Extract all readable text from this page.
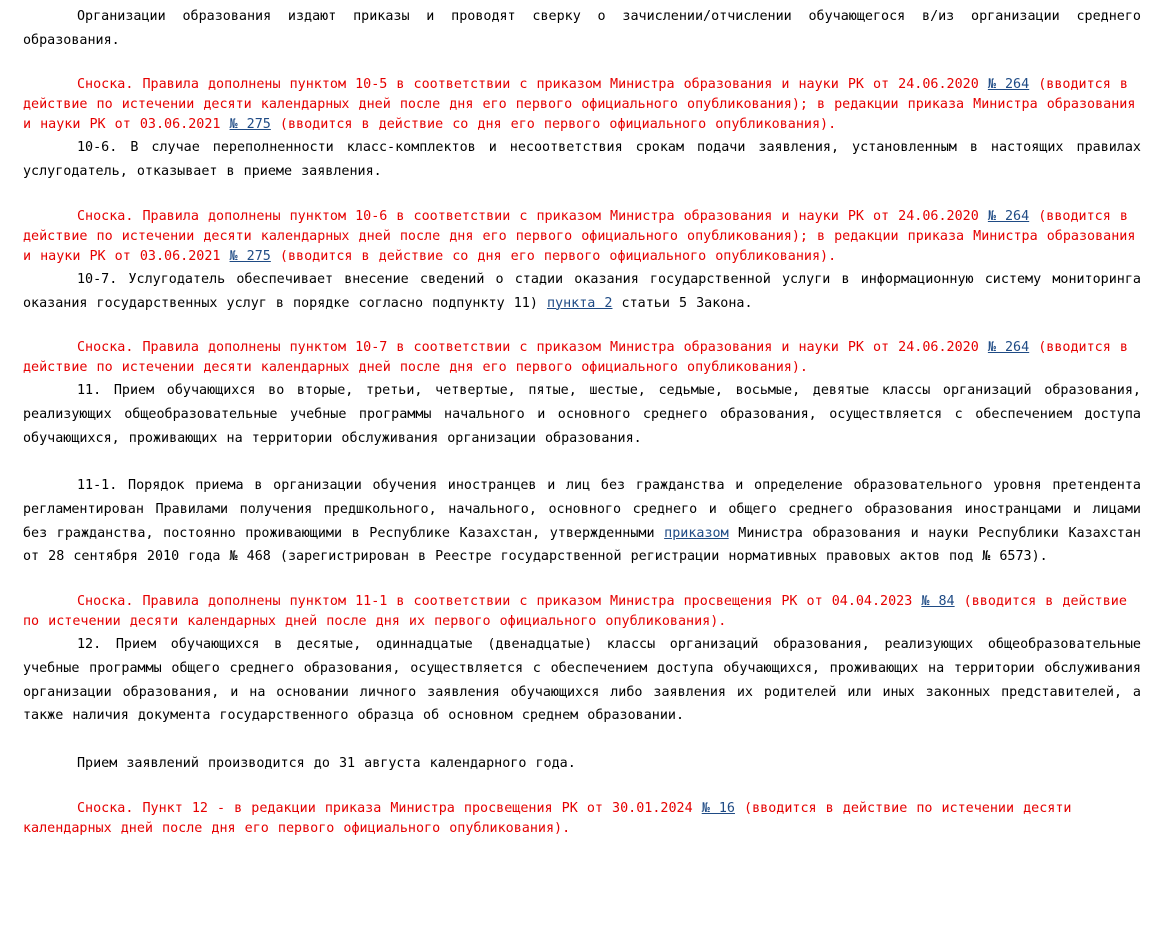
Организации образования издают приказы и проводят сверку о зачислении/отчислении обучающегося в/из организации среднего образования.

Сноска. Правила дополнены пунктом 10-5 в соответствии с приказом Министра образования и науки РК от 24.06.2020 № 264 (вводится в действие по истечении десяти календарных дней после дня его первого официального опубликования); в редакции приказа Министра образования и науки РК от 03.06.2021 № 275 (вводится в действие со дня его первого официального опубликования).

10-6. В случае переполненности класс-комплектов и несоответствия срокам подачи заявления, установленным в настоящих правилах услугодатель, отказывает в приеме заявления.

Сноска. Правила дополнены пунктом 10-6 в соответствии с приказом Министра образования и науки РК от 24.06.2020 № 264 (вводится в действие по истечении десяти календарных дней после дня его первого официального опубликования); в редакции приказа Министра образования и науки РК от 03.06.2021 № 275 (вводится в действие со дня его первого официального опубликования).

10-7. Услугодатель обеспечивает внесение сведений о стадии оказания государственной услуги в информационную систему мониторинга оказания государственных услуг в порядке согласно подпункту 11) пункта 2 статьи 5 Закона.

Сноска. Правила дополнены пунктом 10-7 в соответствии с приказом Министра образования и науки РК от 24.06.2020 № 264 (вводится в действие по истечении десяти календарных дней после дня его первого официального опубликования).

11. Прием обучающихся во вторые, третьи, четвертые, пятые, шестые, седьмые, восьмые, девятые классы организаций образования, реализующих общеобразовательные учебные программы начального и основного среднего образования, осуществляется с обеспечением доступа обучающихся, проживающих на территории обслуживания организации образования.

11-1. Порядок приема в организации обучения иностранцев и лиц без гражданства и определение образовательного уровня претендента регламентирован Правилами получения предшкольного, начального, основного среднего и общего среднего образования иностранцами и лицами без гражданства, постоянно проживающими в Республике Казахстан, утвержденными приказом Министра образования и науки Республики Казахстан от 28 сентября 2010 года № 468 (зарегистрирован в Реестре государственной регистрации нормативных правовых актов под № 6573).

Сноска. Правила дополнены пунктом 11-1 в соответствии с приказом Министра просвещения РК от 04.04.2023 № 84 (вводится в действие по истечении десяти календарных дней после дня их первого официального опубликования).

12. Прием обучающихся в десятые, одиннадцатые (двенадцатые) классы организаций образования, реализующих общеобразовательные учебные программы общего среднего образования, осуществляется с обеспечением доступа обучающихся, проживающих на территории обслуживания организации образования, и на основании личного заявления обучающихся либо заявления их родителей или иных законных представителей, а также наличия документа государственного образца об основном среднем образовании.

Прием заявлений производится до 31 августа календарного года.

Сноска. Пункт 12 - в редакции приказа Министра просвещения РК от 30.01.2024 № 16 (вводится в действие по истечении десяти календарных дней после дня его первого официального опубликования).
